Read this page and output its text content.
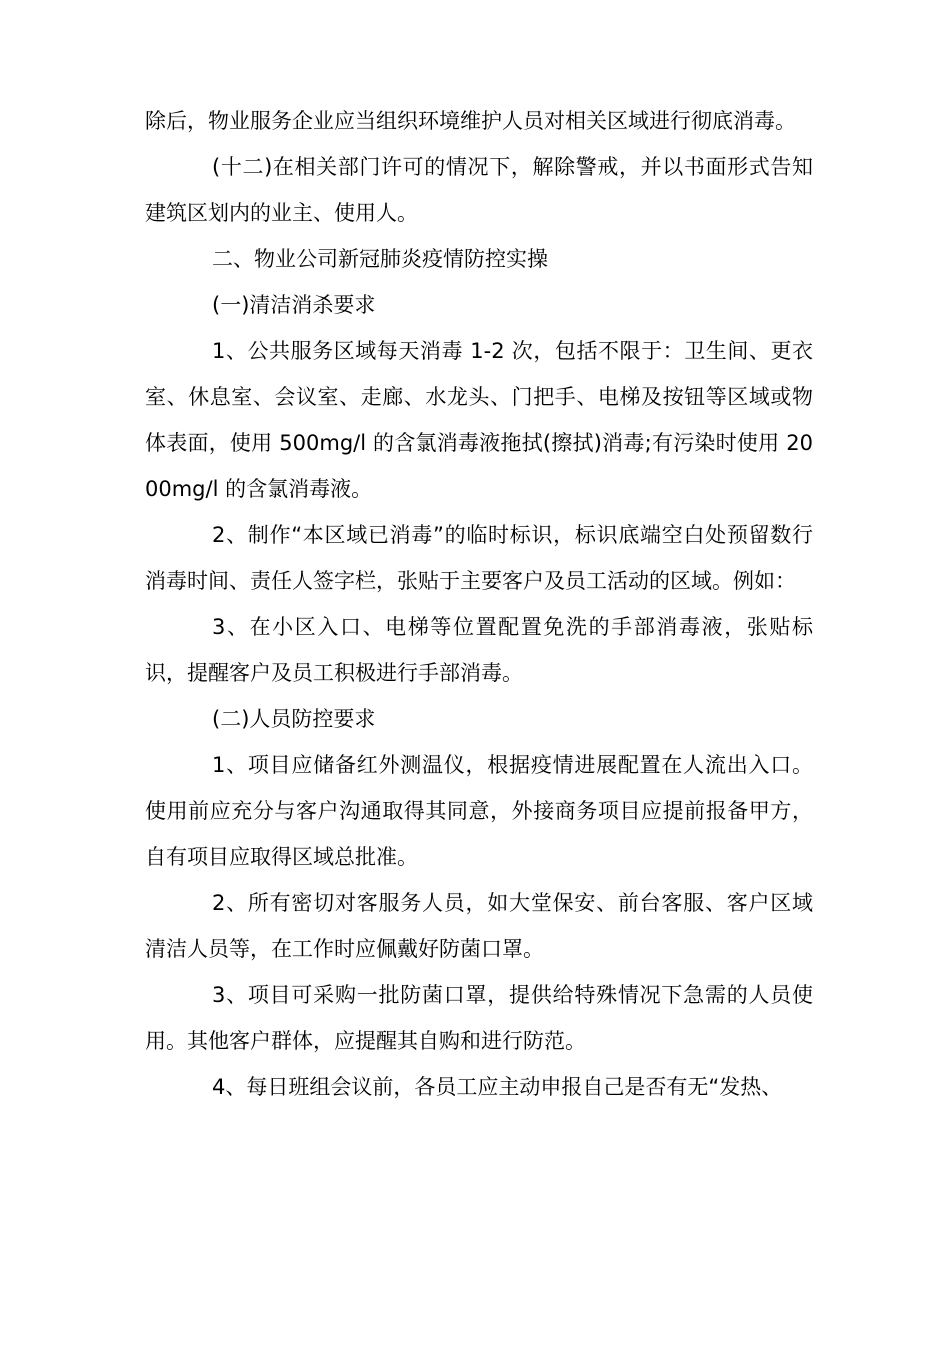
除后，物业服务企业应当组织环境维护人员对相关区域进行彻底消毒。

(十二)在相关部门许可的情况下，解除警戒，并以书面形式告知建筑区划内的业主、使用人。

二、物业公司新冠肺炎疫情防控实操

(一)清洁消杀要求

1、公共服务区域每天消毒 1-2 次，包括不限于：卫生间、更衣室、休息室、会议室、走廊、水龙头、门把手、电梯及按钮等区域或物体表面，使用 500mg/l 的含氯消毒液拖拭(擦拭)消毒;有污染时使用 2000mg/l 的含氯消毒液。

2、制作“本区域已消毒”的临时标识，标识底端空白处预留数行消毒时间、责任人签字栏，张贴于主要客户及员工活动的区域。例如：

3、在小区入口、电梯等位置配置免洗的手部消毒液，张贴标识，提醒客户及员工积极进行手部消毒。

(二)人员防控要求

1、项目应储备红外测温仪，根据疫情进展配置在人流出入口。使用前应充分与客户沟通取得其同意，外接商务项目应提前报备甲方，自有项目应取得区域总批准。

2、所有密切对客服务人员，如大堂保安、前台客服、客户区域清洁人员等，在工作时应佩戴好防菌口罩。

3、项目可采购一批防菌口罩，提供给特殊情况下急需的人员使用。其他客户群体，应提醒其自购和进行防范。

4、每日班组会议前，各员工应主动申报自己是否有无“发热、
